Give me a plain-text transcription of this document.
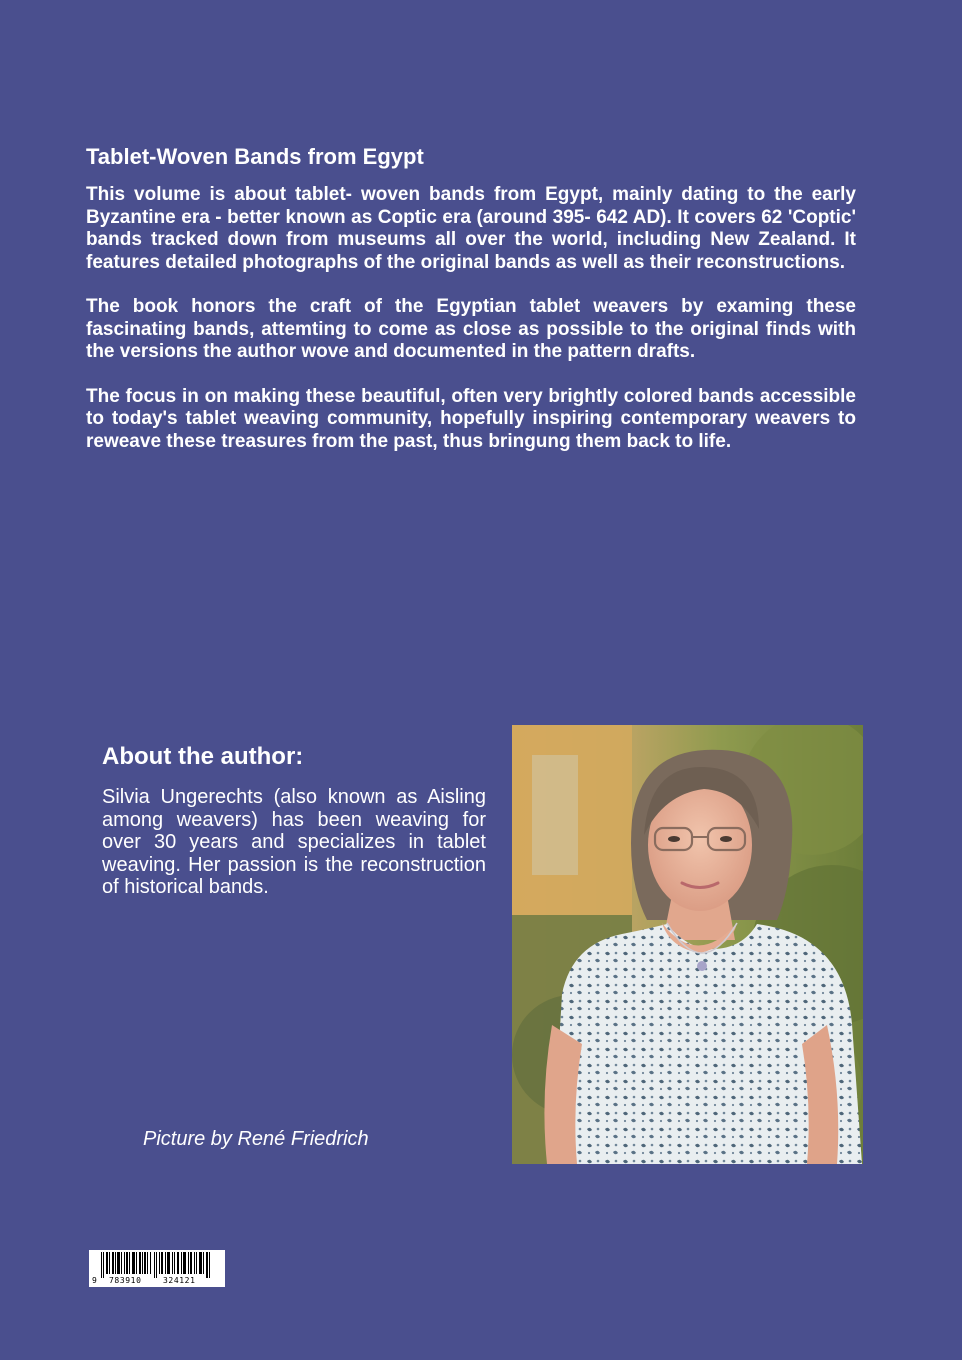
Tablet-Woven Bands from Egypt

This volume is about tablet- woven bands from Egypt, mainly dating to the early Byzantine era - better known as Coptic era (around 395- 642 AD). It covers 62 'Coptic' bands tracked down from museums all over the world, including New Zealand. It features detailed photographs of the original bands as well as their reconstructions.

The book honors the craft of the Egyptian tablet weavers by examing these fascinating bands, attemting to come as close as possible to the original finds with the versions the author wove and documented in the pattern drafts.

The focus in on making these beautiful, often very brightly colored bands accessible to today's tablet weaving community, hopefully inspiring contemporary weavers to reweave these treasures from the past, thus bringung them back to life.

About the author:

Silvia Ungerechts (also known as Aisling among weavers) has been weaving for over 30 years and specializes in tablet weaving. Her passion is the reconstruction of historical bands.

Picture by René Friedrich
9 783910	324121
